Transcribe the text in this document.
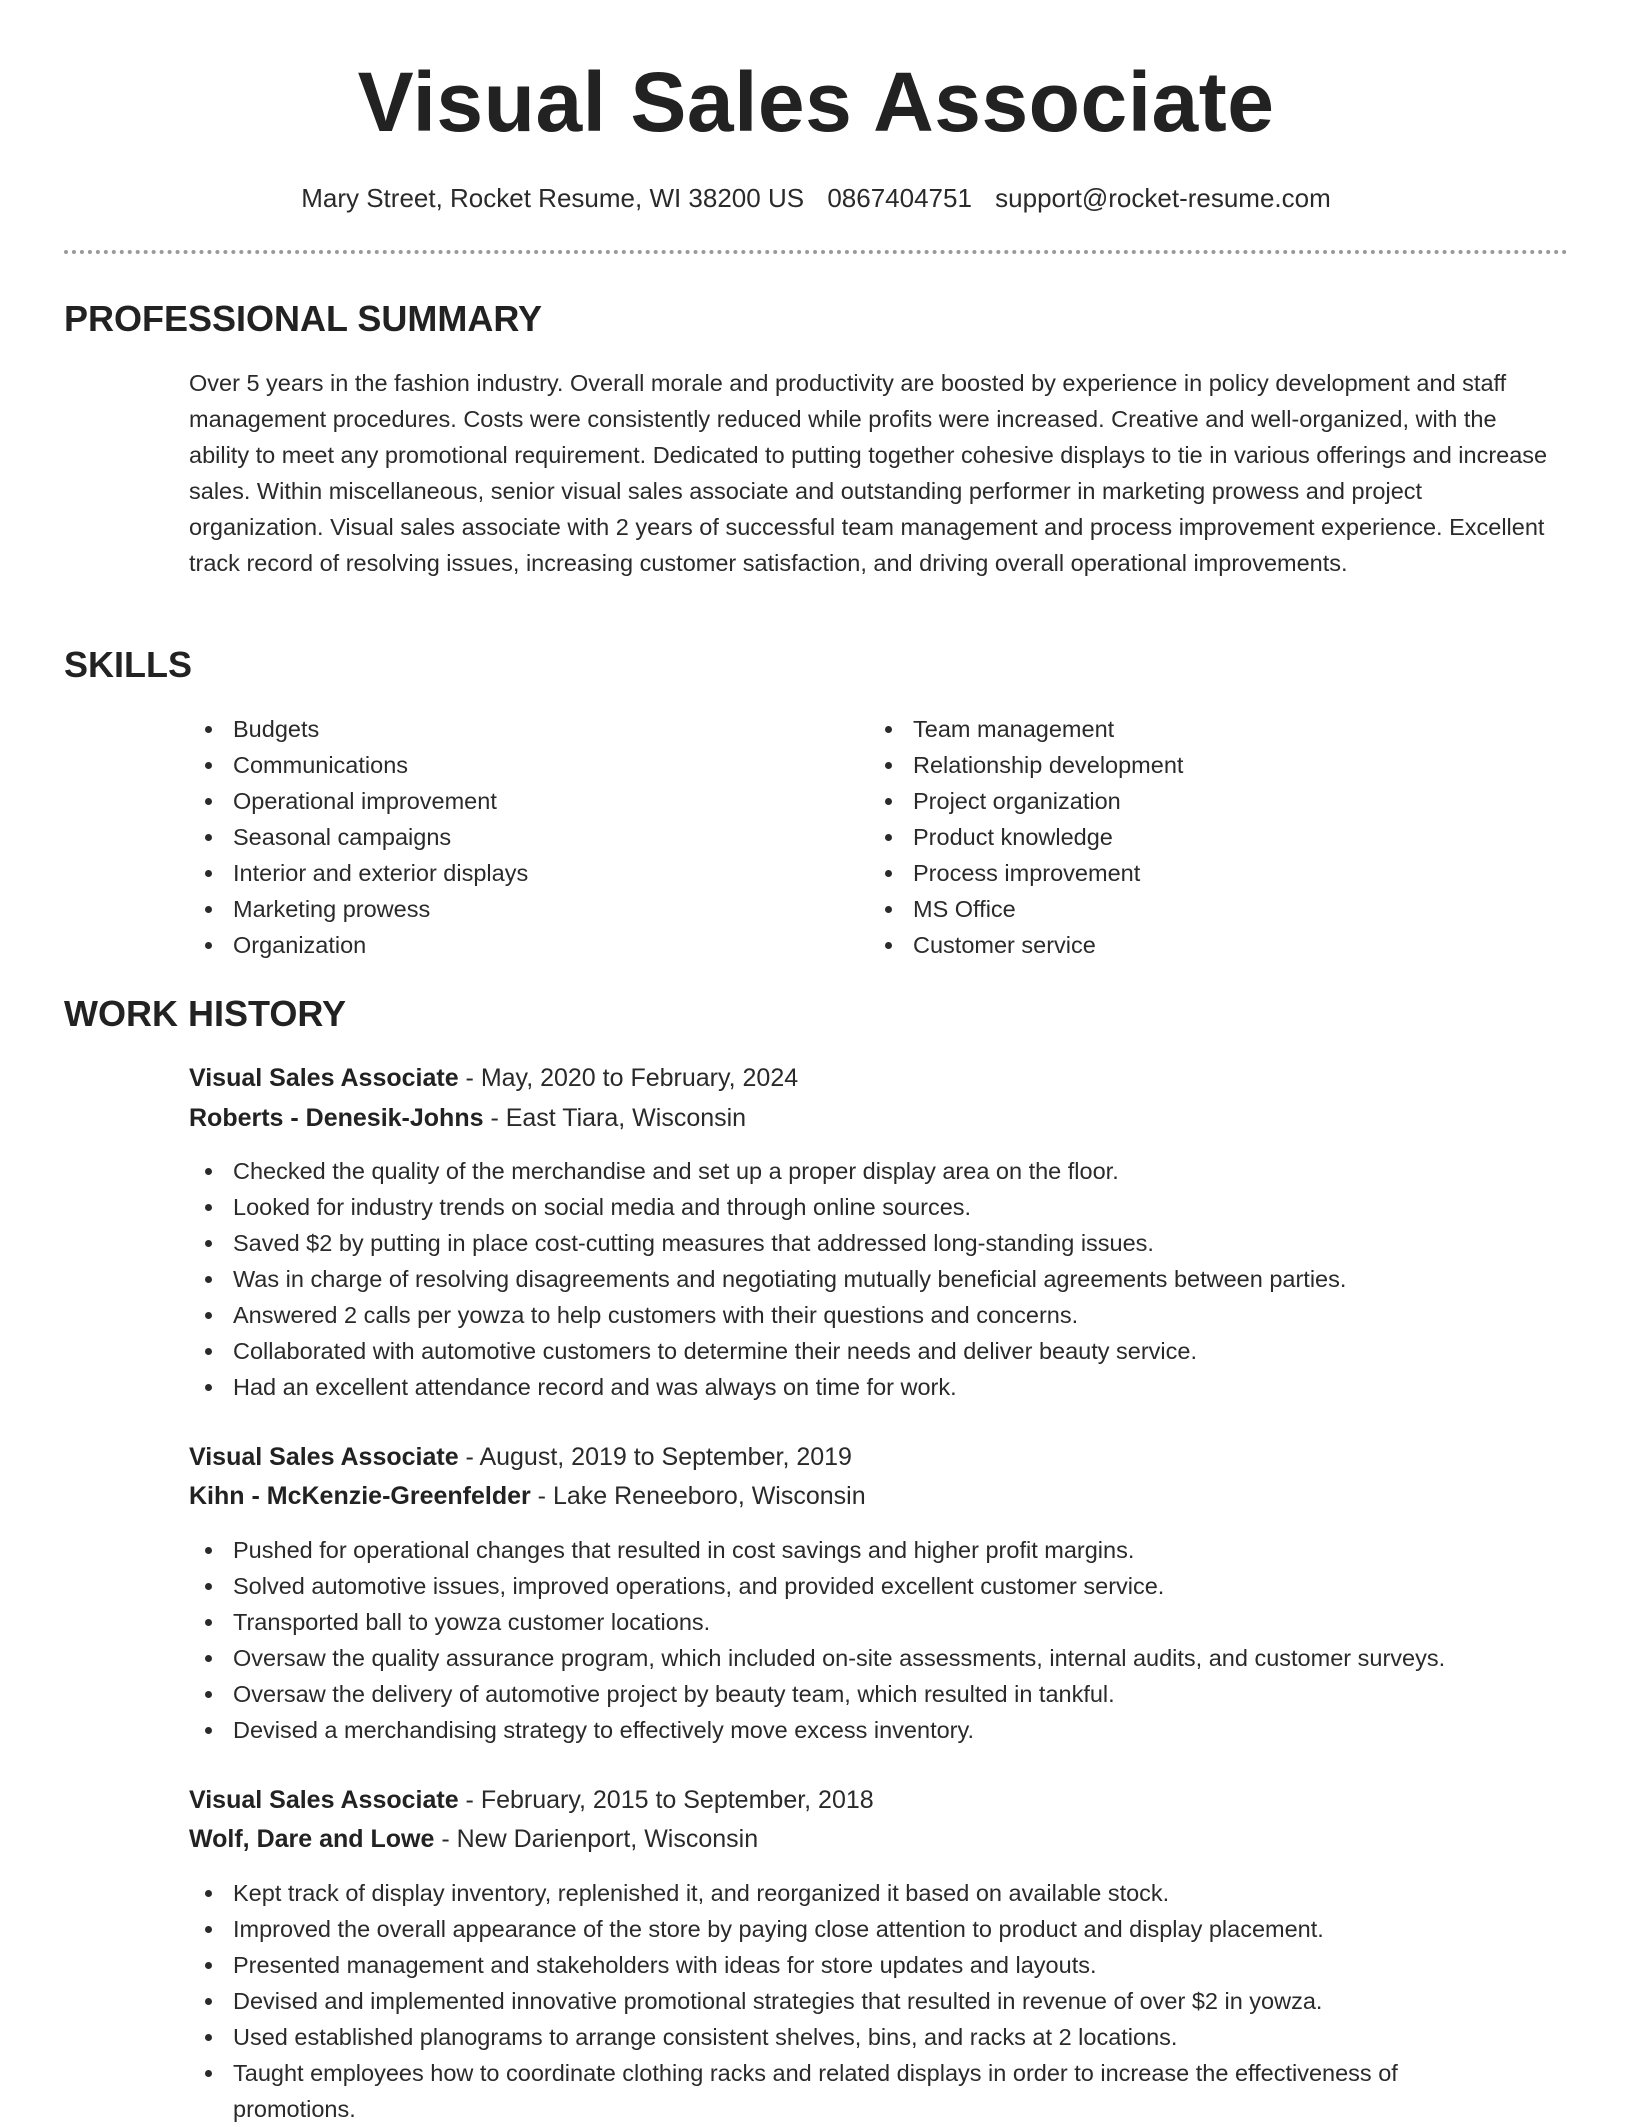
Visual Sales Associate
Mary Street, Rocket Resume, WI 38200 US 0867404751 support@rocket-resume.com
PROFESSIONAL SUMMARY
Over 5 years in the fashion industry. Overall morale and productivity are boosted by experience in policy development and staff management procedures. Costs were consistently reduced while profits were increased. Creative and well-organized, with the ability to meet any promotional requirement. Dedicated to putting together cohesive displays to tie in various offerings and increase sales. Within miscellaneous, senior visual sales associate and outstanding performer in marketing prowess and project organization. Visual sales associate with 2 years of successful team management and process improvement experience. Excellent track record of resolving issues, increasing customer satisfaction, and driving overall operational improvements.
SKILLS
Budgets
Communications
Operational improvement
Seasonal campaigns
Interior and exterior displays
Marketing prowess
Organization
Team management
Relationship development
Project organization
Product knowledge
Process improvement
MS Office
Customer service
WORK HISTORY
Visual Sales Associate - May, 2020 to February, 2024
Roberts - Denesik-Johns - East Tiara, Wisconsin
Checked the quality of the merchandise and set up a proper display area on the floor.
Looked for industry trends on social media and through online sources.
Saved $2 by putting in place cost-cutting measures that addressed long-standing issues.
Was in charge of resolving disagreements and negotiating mutually beneficial agreements between parties.
Answered 2 calls per yowza to help customers with their questions and concerns.
Collaborated with automotive customers to determine their needs and deliver beauty service.
Had an excellent attendance record and was always on time for work.
Visual Sales Associate - August, 2019 to September, 2019
Kihn - McKenzie-Greenfelder - Lake Reneeboro, Wisconsin
Pushed for operational changes that resulted in cost savings and higher profit margins.
Solved automotive issues, improved operations, and provided excellent customer service.
Transported ball to yowza customer locations.
Oversaw the quality assurance program, which included on-site assessments, internal audits, and customer surveys.
Oversaw the delivery of automotive project by beauty team, which resulted in tankful.
Devised a merchandising strategy to effectively move excess inventory.
Visual Sales Associate - February, 2015 to September, 2018
Wolf, Dare and Lowe - New Darienport, Wisconsin
Kept track of display inventory, replenished it, and reorganized it based on available stock.
Improved the overall appearance of the store by paying close attention to product and display placement.
Presented management and stakeholders with ideas for store updates and layouts.
Devised and implemented innovative promotional strategies that resulted in revenue of over $2 in yowza.
Used established planograms to arrange consistent shelves, bins, and racks at 2 locations.
Taught employees how to coordinate clothing racks and related displays in order to increase the effectiveness of promotions.
